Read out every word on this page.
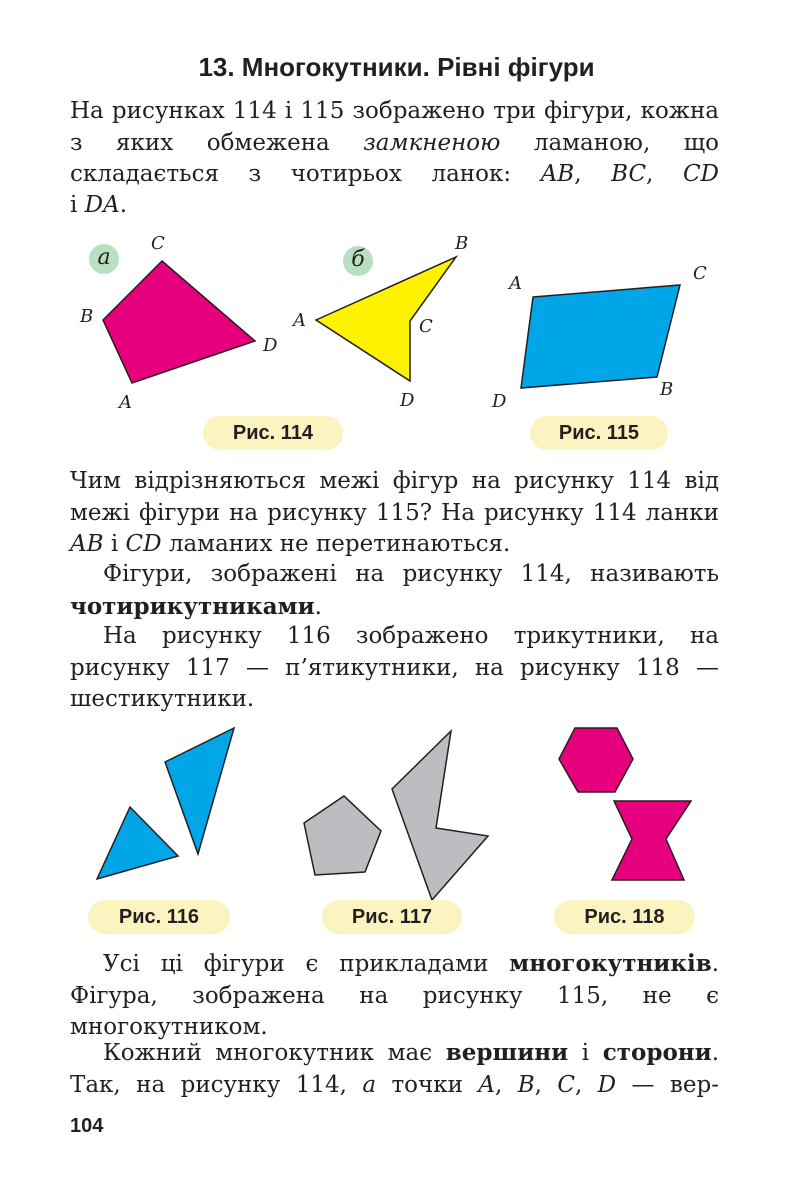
13. Многокутники. Рівні фігури
На рисунках 114 і 115 зображено три фігури, кожна з яких обмежена замкненою ламаною, що складається з чотирьох ланок: AB, BC, CD
і DA.
а	б
C
B
D
A
B
A	C
D
A	C
D
B
Рис. 114	Рис. 115
Чим відрізняються межі фігур на рисунку 114 від межі фігури на рисунку 115? На рисунку 114 ланки AB і CD ламаних не перетинаються.
Фігури, зображені на рисунку 114, називають чотирикутниками.
На рисунку 116 зображено трикутники, на рисунку 117 — п’ятикутники, на рисунку 118 — шестикутники.
Рис. 116	Рис. 117	Рис. 118
Усі ці фігури є прикладами многокутників. Фігура, зображена на рисунку 115, не є многокутником.
Кожний многокутник має вершини і сторони. Так, на рисунку 114, а точки A, B, C, D — вер-
104
